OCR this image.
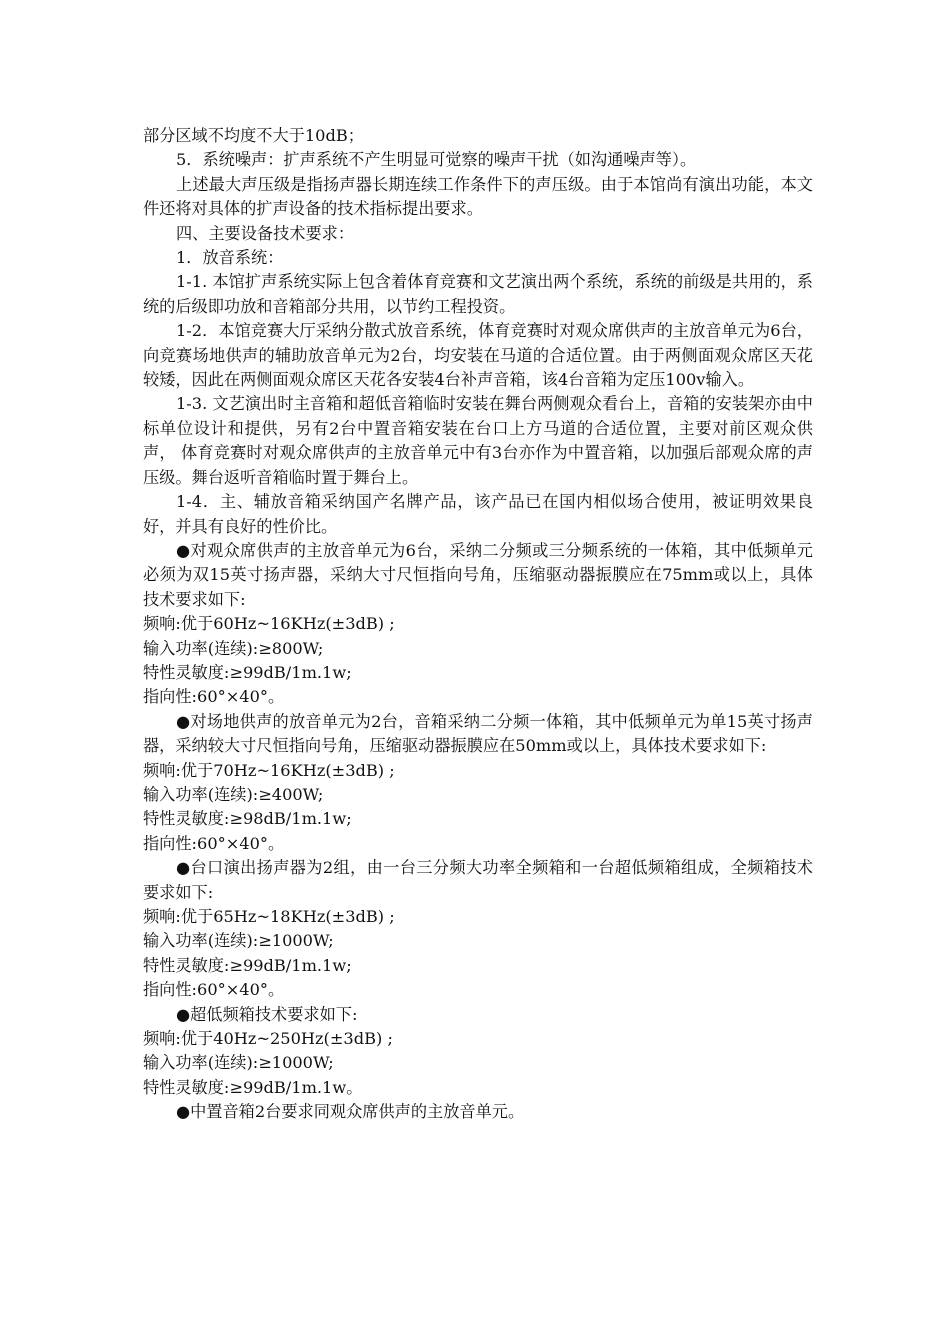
部分区域不均度不大于10dB；

5．系统噪声：扩声系统不产生明显可觉察的噪声干扰（如沟通噪声等）。

上述最大声压级是指扬声器长期连续工作条件下的声压级。由于本馆尚有演出功能，本文件还将对具体的扩声设备的技术指标提出要求。

四、主要设备技术要求：

1．放音系统：

1-1. 本馆扩声系统实际上包含着体育竞赛和文艺演出两个系统，系统的前级是共用的，系统的后级即功放和音箱部分共用，以节约工程投资。

1-2．本馆竞赛大厅采纳分散式放音系统，体育竞赛时对观众席供声的主放音单元为6台，向竞赛场地供声的辅助放音单元为2台，均安装在马道的合适位置。由于两侧面观众席区天花较矮，因此在两侧面观众席区天花各安装4台补声音箱，该4台音箱为定压100v输入。

1-3. 文艺演出时主音箱和超低音箱临时安装在舞台两侧观众看台上，音箱的安装架亦由中标单位设计和提供，另有2台中置音箱安装在台口上方马道的合适位置，主要对前区观众供声， 体育竞赛时对观众席供声的主放音单元中有3台亦作为中置音箱，以加强后部观众席的声压级。舞台返听音箱临时置于舞台上。

1-4．主、辅放音箱采纳国产名牌产品，该产品已在国内相似场合使用，被证明效果良好，并具有良好的性价比。

●对观众席供声的主放音单元为6台，采纳二分频或三分频系统的一体箱，其中低频单元必须为双15英寸扬声器，采纳大寸尺恒指向号角，压缩驱动器振膜应在75mm或以上，具体技术要求如下:

频响:优于60Hz~16KHz(±3dB) ;

输入功率(连续):≥800W;

特性灵敏度:≥99dB/1m.1w;

指向性:60°×40°。

●对场地供声的放音单元为2台，音箱采纳二分频一体箱，其中低频单元为单15英寸扬声器，采纳较大寸尺恒指向号角，压缩驱动器振膜应在50mm或以上，具体技术要求如下:

频响:优于70Hz~16KHz(±3dB) ;

输入功率(连续):≥400W;

特性灵敏度:≥98dB/1m.1w;

指向性:60°×40°。

●台口演出扬声器为2组，由一台三分频大功率全频箱和一台超低频箱组成，全频箱技术要求如下:

频响:优于65Hz~18KHz(±3dB) ;

输入功率(连续):≥1000W;

特性灵敏度:≥99dB/1m.1w;

指向性:60°×40°。

●超低频箱技术要求如下:

频响:优于40Hz~250Hz(±3dB) ;

输入功率(连续):≥1000W;

特性灵敏度:≥99dB/1m.1w。

●中置音箱2台要求同观众席供声的主放音单元。
